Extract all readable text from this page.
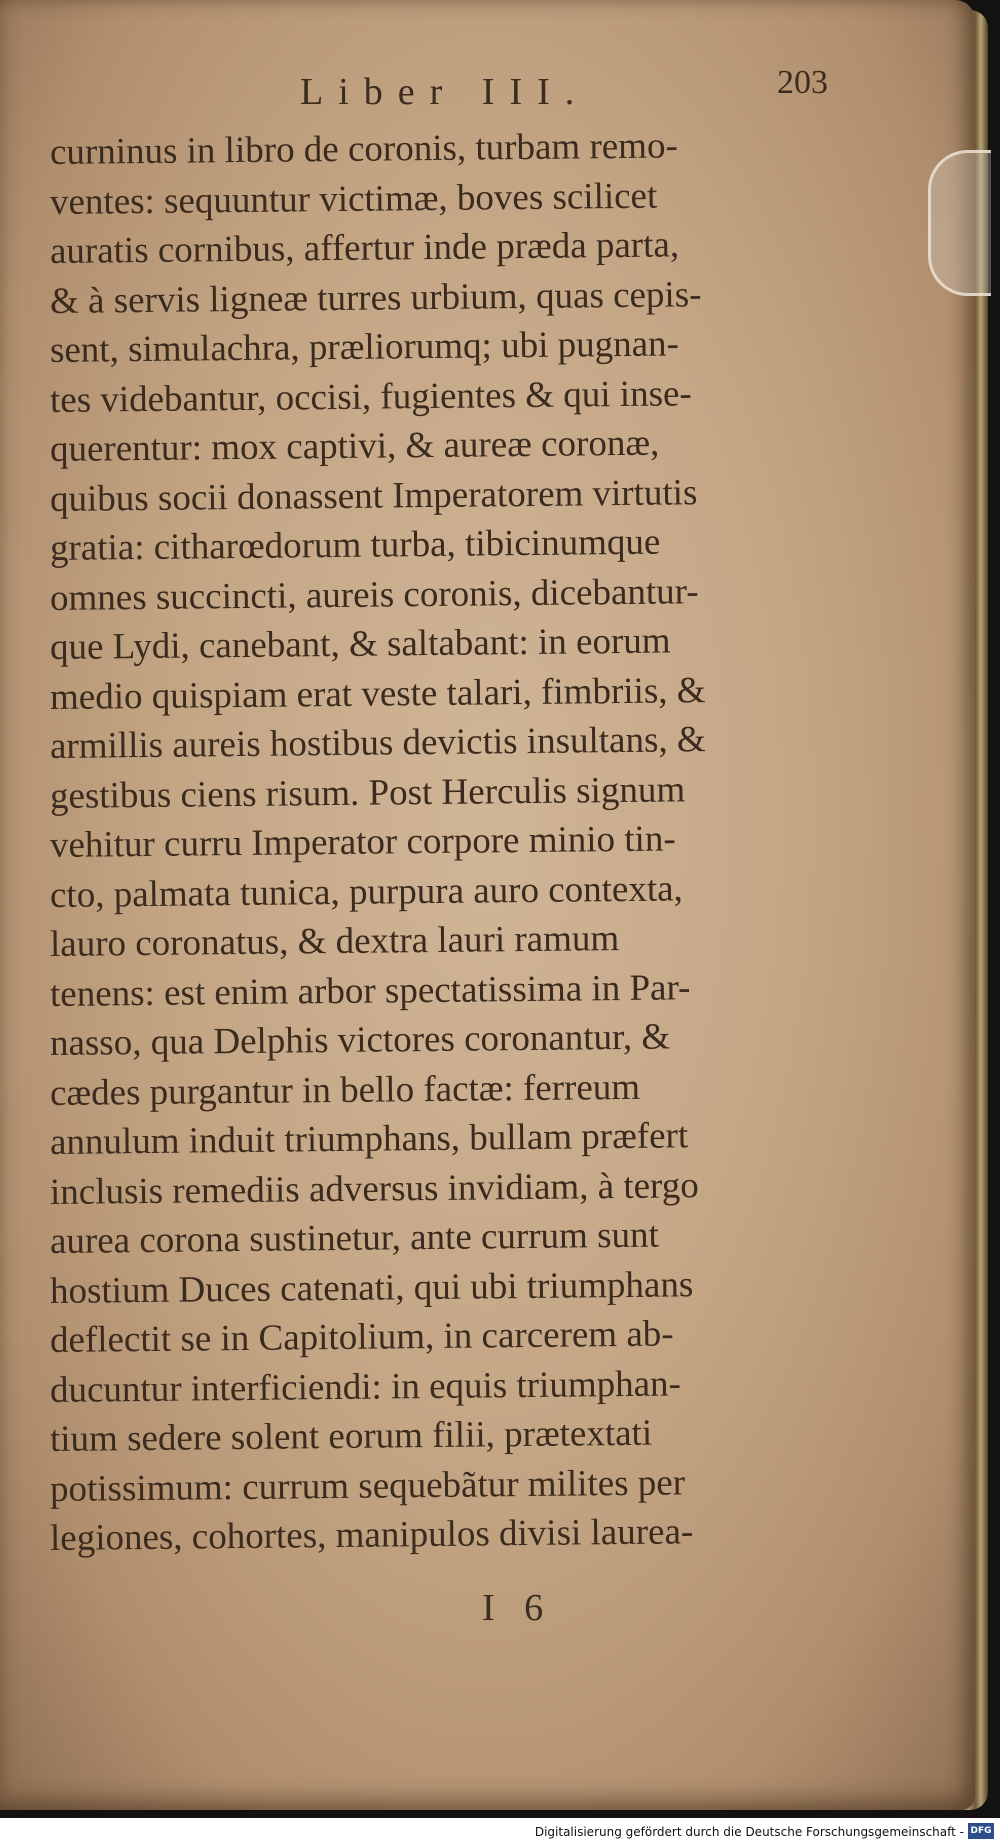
Liber III.	203
curninus in libro de coronis, turbam remo-
ventes: sequuntur victimæ, boves scilicet
auratis cornibus, affertur inde præda parta,
& à servis ligneæ turres urbium, quas cepis-
sent, simulachra, præliorumq; ubi pugnan-
tes videbantur, occisi, fugientes & qui inse-
querentur: mox captivi, & aureæ coronæ,
quibus socii donassent Imperatorem virtutis
gratia: citharœdorum turba, tibicinumque
omnes succincti, aureis coronis, dicebantur-
que Lydi, canebant, & saltabant: in eorum
medio quispiam erat veste talari, fimbriis, &
armillis aureis hostibus devictis insultans, &
gestibus ciens risum. Post Herculis signum
vehitur curru Imperator corpore minio tin-
cto, palmata tunica, purpura auro contexta,
lauro coronatus, & dextra lauri ramum
tenens: est enim arbor spectatissima in Par-
nasso, qua Delphis victores coronantur, &
cædes purgantur in bello factæ: ferreum
annulum induit triumphans, bullam præfert
inclusis remediis adversus invidiam, à tergo
aurea corona sustinetur, ante currum sunt
hostium Duces catenati, qui ubi triumphans
deflectit se in Capitolium, in carcerem ab-
ducuntur interficiendi: in equis triumphan-
tium sedere solent eorum filii, prætextati
potissimum: currum sequebãtur milites per
legiones, cohortes, manipulos divisi laurea-
I 6
Digitalisierung gefördert durch die Deutsche Forschungsgemeinschaft - DFG
